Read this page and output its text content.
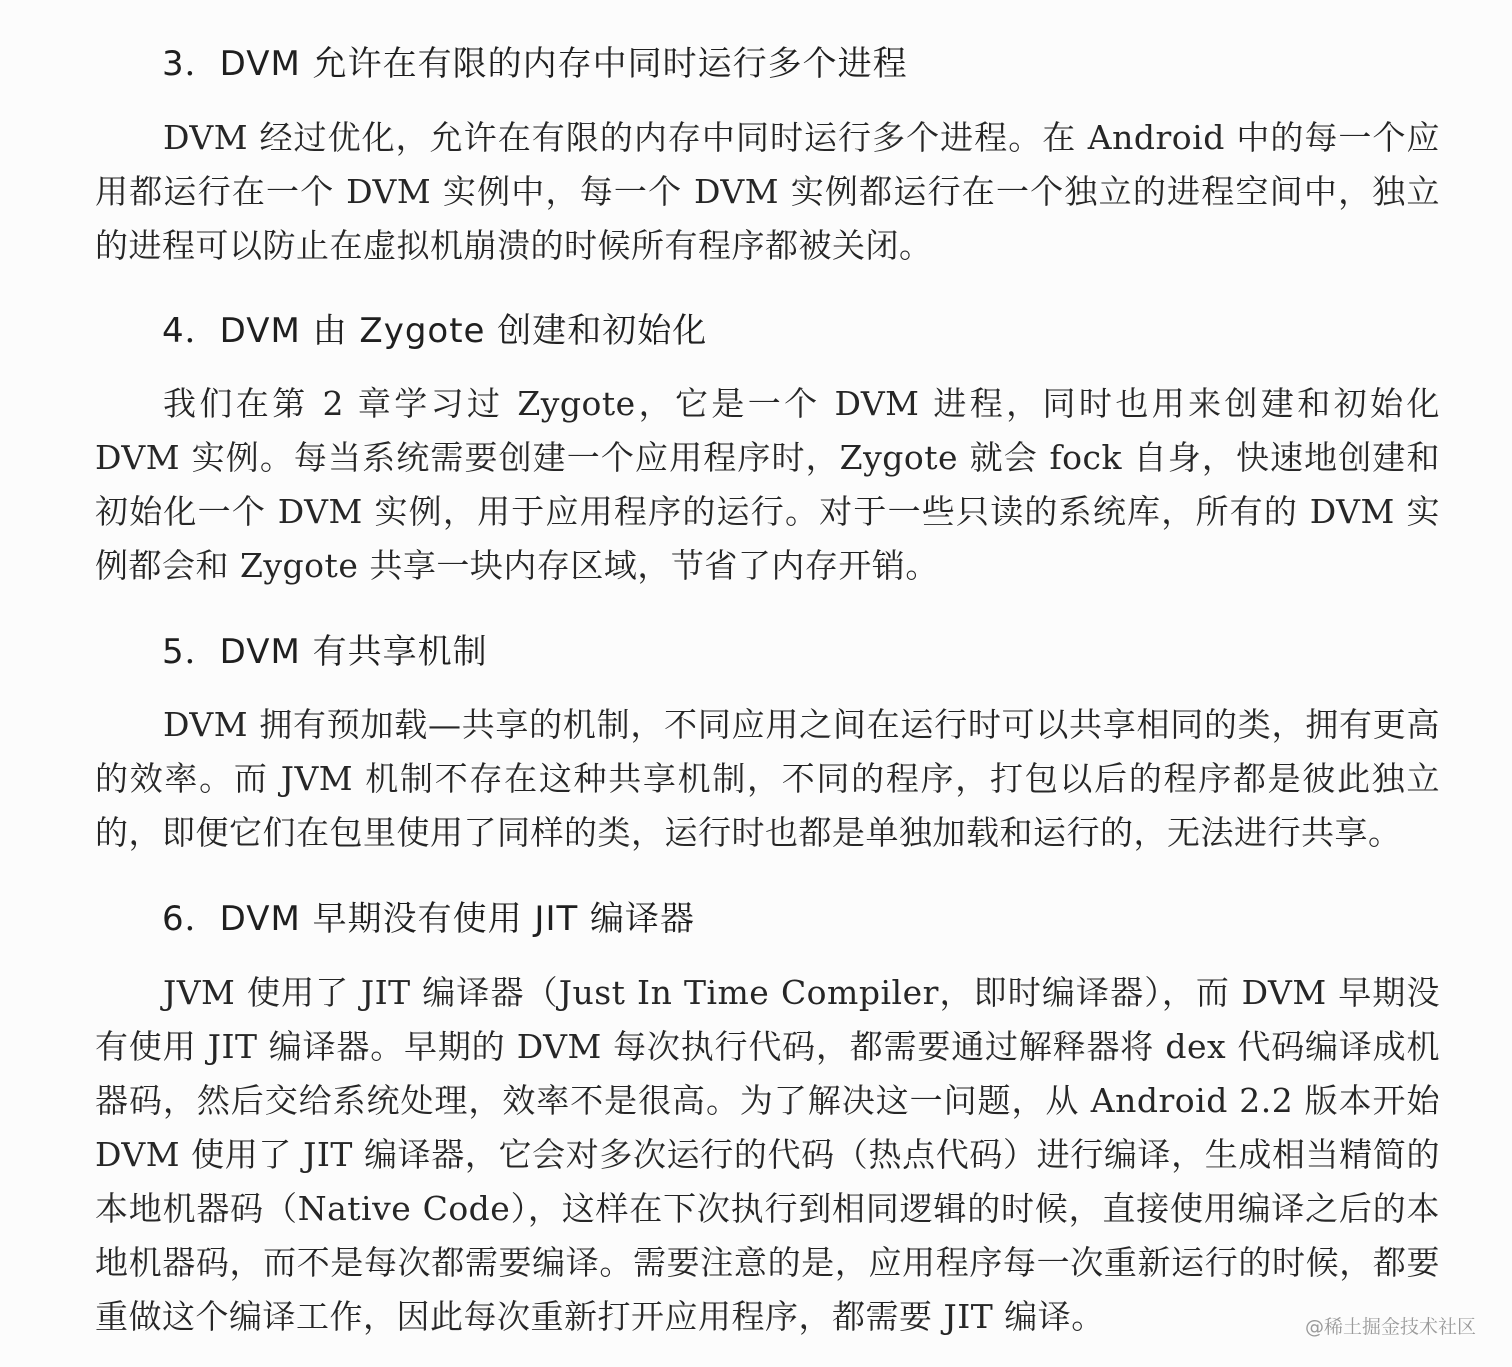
3．DVM 允许在有限的内存中同时运行多个进程
DVM 经过优化，允许在有限的内存中同时运行多个进程。在 Android 中的每一个应用都运行在一个 DVM 实例中，每一个 DVM 实例都运行在一个独立的进程空间中，独立的进程可以防止在虚拟机崩溃的时候所有程序都被关闭。
4．DVM 由 Zygote 创建和初始化
我们在第 2 章学习过 Zygote，它是一个 DVM 进程，同时也用来创建和初始化 DVM 实例。每当系统需要创建一个应用程序时，Zygote 就会 fock 自身，快速地创建和初始化一个 DVM 实例，用于应用程序的运行。对于一些只读的系统库，所有的 DVM 实例都会和 Zygote 共享一块内存区域，节省了内存开销。
5．DVM 有共享机制
DVM 拥有预加载—共享的机制，不同应用之间在运行时可以共享相同的类，拥有更高的效率。而 JVM 机制不存在这种共享机制，不同的程序，打包以后的程序都是彼此独立的，即便它们在包里使用了同样的类，运行时也都是单独加载和运行的，无法进行共享。
6．DVM 早期没有使用 JIT 编译器
JVM 使用了 JIT 编译器（Just In Time Compiler，即时编译器），而 DVM 早期没有使用 JIT 编译器。早期的 DVM 每次执行代码，都需要通过解释器将 dex 代码编译成机器码，然后交给系统处理，效率不是很高。为了解决这一问题，从 Android 2.2 版本开始 DVM 使用了 JIT 编译器，它会对多次运行的代码（热点代码）进行编译，生成相当精简的本地机器码（Native Code），这样在下次执行到相同逻辑的时候，直接使用编译之后的本地机器码，而不是每次都需要编译。需要注意的是，应用程序每一次重新运行的时候，都要重做这个编译工作，因此每次重新打开应用程序，都需要 JIT 编译。	@稀土掘金技术社区
